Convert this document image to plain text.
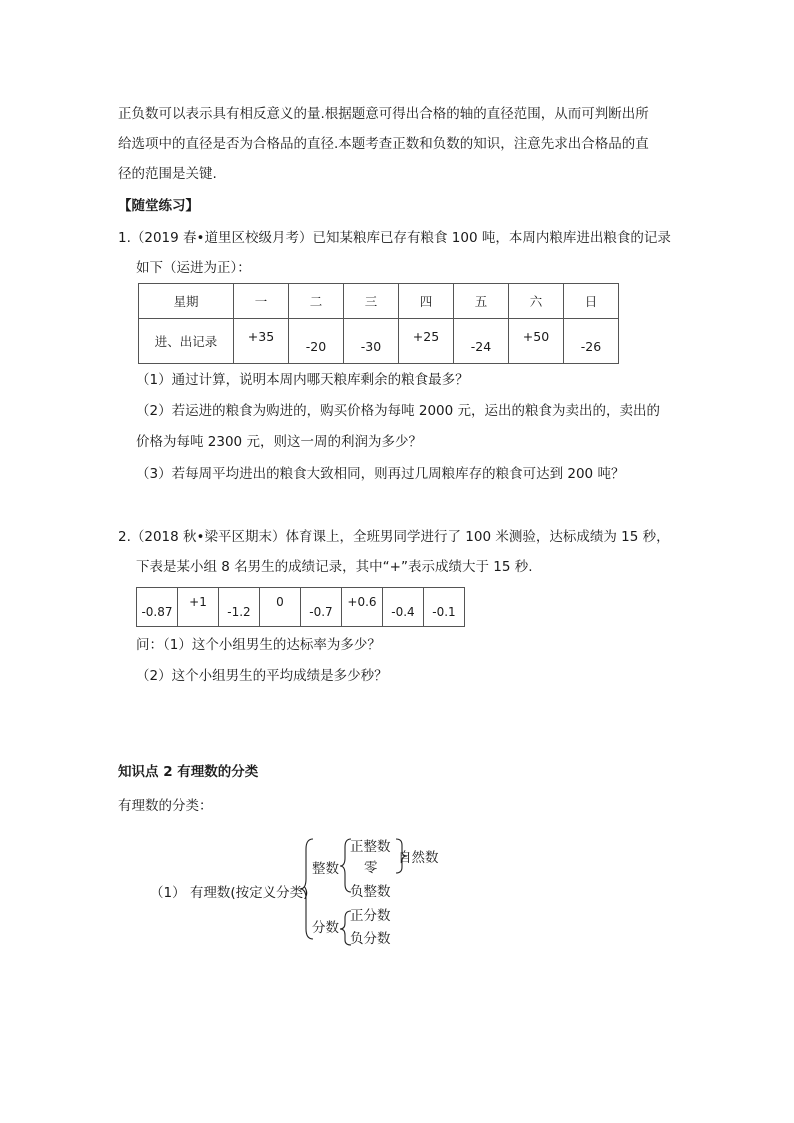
正负数可以表示具有相反意义的量.根据题意可得出合格的轴的直径范围，从而可判断出所
给选项中的直径是否为合格品的直径.本题考查正数和负数的知识，注意先求出合格品的直
径的范围是关键.
【随堂练习】
1.（2019 春•道里区校级月考）已知某粮库已存有粮食 100 吨，本周内粮库进出粮食的记录
如下（运进为正）：
星期	一	二	三	四	五	六	日
进、出记录	+35	-20	-30	+25	-24	+50	-26
（1）通过计算，说明本周内哪天粮库剩余的粮食最多？
（2）若运进的粮食为购进的，购买价格为每吨 2000 元，运出的粮食为卖出的，卖出的
价格为每吨 2300 元，则这一周的利润为多少？
（3）若每周平均进出的粮食大致相同，则再过几周粮库存的粮食可达到 200 吨？
2.（2018 秋•梁平区期末）体育课上，全班男同学进行了 100 米测验，达标成绩为 15 秒，
下表是某小组 8 名男生的成绩记录，其中“+”表示成绩大于 15 秒.
-0.87	+1	-1.2	0	-0.7	+0.6	-0.4	-0.1
问：（1）这个小组男生的达标率为多少？
（2）这个小组男生的平均成绩是多少秒？
知识点 2 有理数的分类
有理数的分类：
（1） 有理数(按定义分类)
整数
正整数
零
自然数
负整数
分数
正分数
负分数
